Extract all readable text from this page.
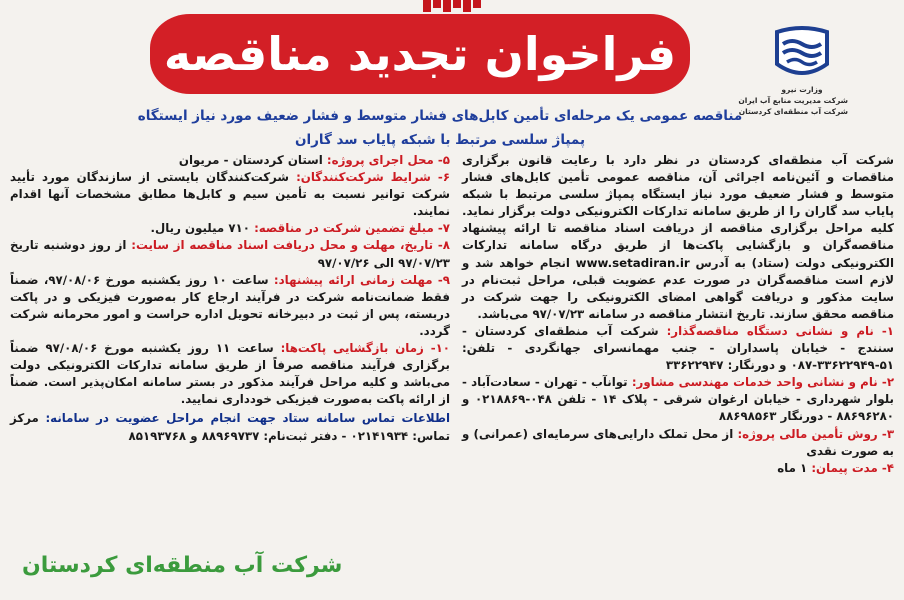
فراخوان تجدید مناقصه
وزارت نیرو
شرکت مدیریت منابع آب ایران
شرکت آب منطقه‌ای کردستان
مناقصه عمومی یک مرحله‌ای تأمین کابل‌های فشار متوسط و فشار ضعیف مورد نیاز ایستگاه پمپاژ سلسی مرتبط با شبکه پایاب سد گاران
شرکت آب منطقه‌ای کردستان در نظر دارد با رعایت قانون برگزاری مناقصات و آئین‌نامه اجرائی آن، مناقصه عمومی تأمین کابل‌های فشار متوسط و فشار ضعیف مورد نیاز ایستگاه پمپاژ سلسی مرتبط با شبکه پایاب سد گاران را از طریق سامانه تدارکات الکترونیکی دولت برگزار نماید. کلیه مراحل برگزاری مناقصه از دریافت اسناد مناقصه تا ارائه پیشنهاد مناقصه‌گران و بازگشایی پاکت‌ها از طریق درگاه سامانه تدارکات الکترونیکی دولت (ستاد) به آدرس www.setadiran.ir انجام خواهد شد و لازم است مناقصه‌گران در صورت عدم عضویت قبلی، مراحل ثبت‌نام در سایت مذکور و دریافت گواهی امضای الکترونیکی را جهت شرکت در مناقصه محقق سازند. تاریخ انتشار مناقصه در سامانه ۹۷/۰۷/۲۳ می‌باشد.
۱- نام و نشانی دستگاه مناقصه‌گذار: شرکت آب منطقه‌ای کردستان - سنندج - خیابان پاسداران - جنب مهمانسرای جهانگردی - تلفن: ۵۱-۳۳۶۲۲۹۴۹-۰۸۷ و دورنگار: ۳۳۶۲۲۹۴۷
۲- نام و نشانی واحد خدمات مهندسی مشاور: توانآب - تهران - سعادت‌آباد - بلوار شهرداری - خیابان ارغوان شرقی - پلاک ۱۴ - تلفن ۰۴۸-۰۲۱۸۸۶۹ و ۸۸۶۹۶۲۸۰ - دورنگار ۸۸۶۹۸۵۶۳
۳- روش تأمین مالی پروژه: از محل تملک دارایی‌های سرمایه‌ای (عمرانی) و به صورت نقدی
۴- مدت پیمان: ۱ ماه
۵- محل اجرای پروژه: استان کردستان - مریوان
۶- شرایط شرکت‌کنندگان: شرکت‌کنندگان بایستی از سازندگان مورد تأیید شرکت توانیر نسبت به تأمین سیم و کابل‌ها مطابق مشخصات آنها اقدام نمایند.
۷- مبلغ تضمین شرکت در مناقصه: ۷۱۰ میلیون ریال.
۸- تاریخ، مهلت و محل دریافت اسناد مناقصه از سایت: از روز دوشنبه تاریخ ۹۷/۰۷/۲۳ الی ۹۷/۰۷/۲۶
۹- مهلت زمانی ارائه پیشنهاد: ساعت ۱۰ روز یکشنبه مورخ ۹۷/۰۸/۰۶، ضمناً فقط ضمانت‌نامه شرکت در فرآیند ارجاع کار به‌صورت فیزیکی و در پاکت دربسته، پس از ثبت در دبیرخانه تحویل اداره حراست و امور محرمانه شرکت گردد.
۱۰- زمان بازگشایی پاکت‌ها: ساعت ۱۱ روز یکشنبه مورخ ۹۷/۰۸/۰۶ ضمناً برگزاری فرآیند مناقصه صرفاً از طریق سامانه تدارکات الکترونیکی دولت می‌باشد و کلیه مراحل فرآیند مذکور در بستر سامانه امکان‌پذیر است. ضمناً از ارائه پاکت به‌صورت فیزیکی خودداری نمایید.
اطلاعات تماس سامانه ستاد جهت انجام مراحل عضویت در سامانه: مرکز تماس: ۰۲۱۴۱۹۳۴ - دفتر ثبت‌نام: ۸۸۹۶۹۷۳۷ و ۸۵۱۹۳۷۶۸
شرکت آب منطقه‌ای کردستان
